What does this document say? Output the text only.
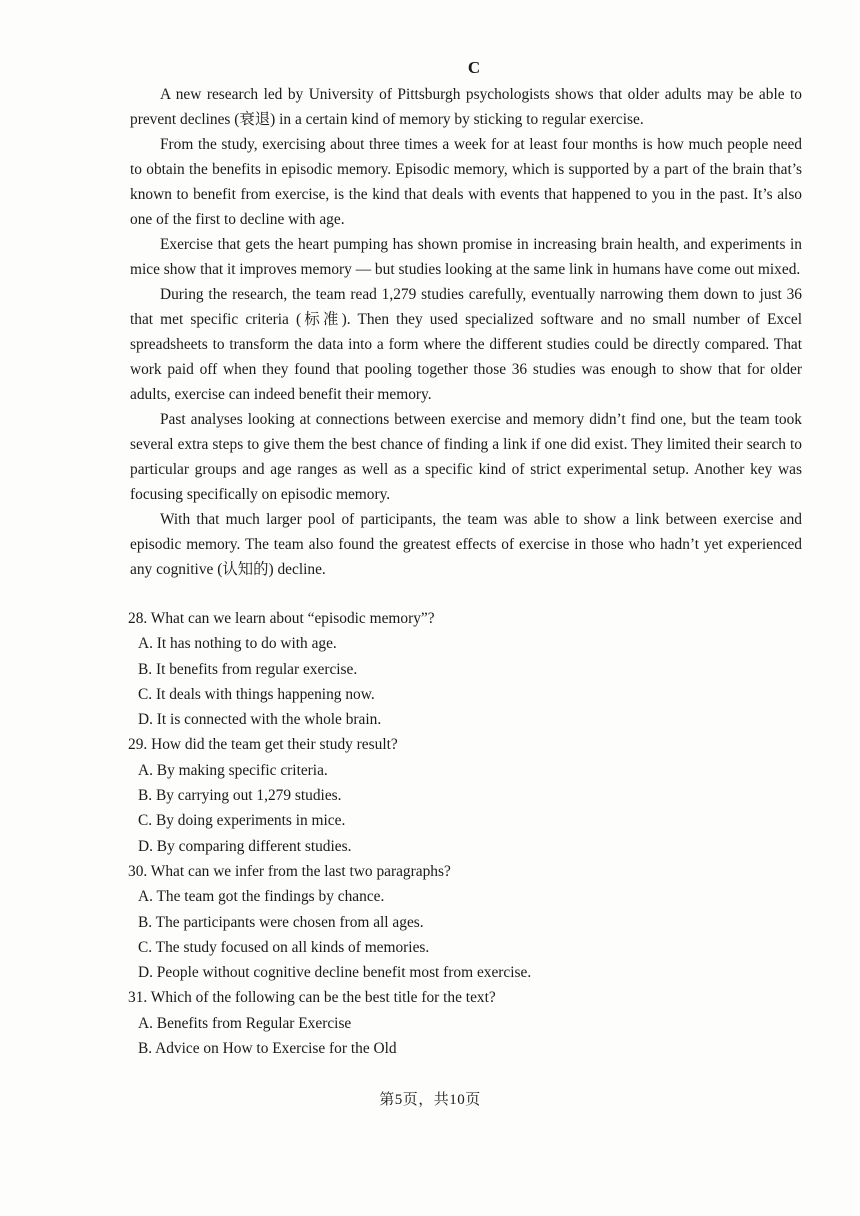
C

A new research led by University of Pittsburgh psychologists shows that older adults may be able to prevent declines (衰退) in a certain kind of memory by sticking to regular exercise.

From the study, exercising about three times a week for at least four months is how much people need to obtain the benefits in episodic memory. Episodic memory, which is supported by a part of the brain that’s known to benefit from exercise, is the kind that deals with events that happened to you in the past. It’s also one of the first to decline with age.

Exercise that gets the heart pumping has shown promise in increasing brain health, and experiments in mice show that it improves memory — but studies looking at the same link in humans have come out mixed.

During the research, the team read 1,279 studies carefully, eventually narrowing them down to just 36 that met specific criteria (标准). Then they used specialized software and no small number of Excel spreadsheets to transform the data into a form where the different studies could be directly compared. That work paid off when they found that pooling together those 36 studies was enough to show that for older adults, exercise can indeed benefit their memory.

Past analyses looking at connections between exercise and memory didn’t find one, but the team took several extra steps to give them the best chance of finding a link if one did exist. They limited their search to particular groups and age ranges as well as a specific kind of strict experimental setup. Another key was focusing specifically on episodic memory.

With that much larger pool of participants, the team was able to show a link between exercise and episodic memory. The team also found the greatest effects of exercise in those who hadn’t yet experienced any cognitive (认知的) decline.

28. What can we learn about “episodic memory”?
A. It has nothing to do with age.
B. It benefits from regular exercise.
C. It deals with things happening now.
D. It is connected with the whole brain.
29. How did the team get their study result?
A. By making specific criteria.
B. By carrying out 1,279 studies.
C. By doing experiments in mice.
D. By comparing different studies.
30. What can we infer from the last two paragraphs?
A. The team got the findings by chance.
B. The participants were chosen from all ages.
C. The study focused on all kinds of memories.
D. People without cognitive decline benefit most from exercise.
31. Which of the following can be the best title for the text?
A. Benefits from Regular Exercise
B. Advice on How to Exercise for the Old
第5页，共10页
